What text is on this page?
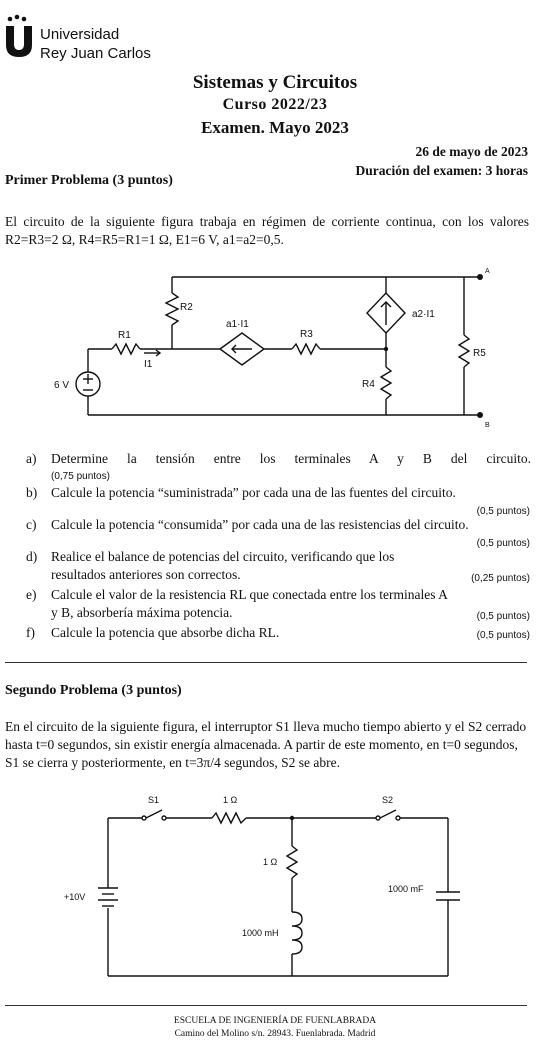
Universidad
Rey Juan Carlos
Sistemas y Circuitos
Curso 2022/23
Examen. Mayo 2023
26 de mayo de 2023
Duración del examen: 3 horas
Primer Problema (3 puntos)
El circuito de la siguiente figura trabaja en régimen de corriente continua, con los valores R2=R3=2 Ω, R4=R5=R1=1 Ω, E1=6 V, a1=a2=0,5.
R2
R1
I1
a1·I1
R3
a2·I1
R5
R4
6 V
A
B
a) Determine la tensión entre los terminales A y B del circuito.
(0,75 puntos)
b) Calcule la potencia “suministrada” por cada una de las fuentes del circuito.
(0,5 puntos)
c) Calcule la potencia “consumida” por cada una de las resistencias del circuito.
(0,5 puntos)
d) Realice el balance de potencias del circuito, verificando que los resultados anteriores son correctos.	(0,25 puntos)
e) Calcule el valor de la resistencia RL que conectada entre los terminales A y B, absorbería máxima potencia.	(0,5 puntos)
f) Calcule la potencia que absorbe dicha RL.	(0,5 puntos)
Segundo Problema (3 puntos)
En el circuito de la siguiente figura, el interruptor S1 lleva mucho tiempo abierto y el S2 cerrado hasta t=0 segundos, sin existir energía almacenada. A partir de este momento, en t=0 segundos, S1 se cierra y posteriormente, en t=3π/4 segundos, S2 se abre.
S1	1 Ω	S2
1 Ω
1000 mH
1000 mF
+10V
ESCUELA DE INGENIERÍA DE FUENLABRADA
Camino del Molino s/n. 28943. Fuenlabrada. Madrid
